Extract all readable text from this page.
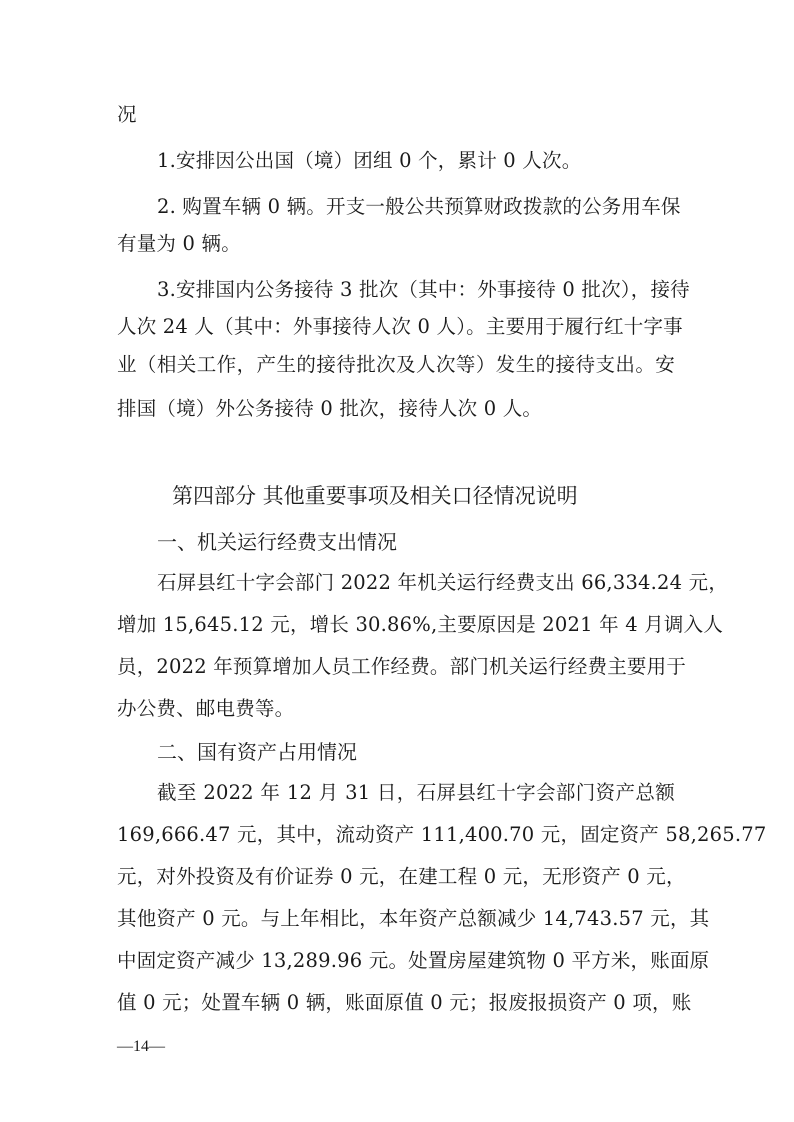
况
1.安排因公出国（境）团组 0 个，累计 0 人次。
2. 购置车辆 0 辆。开支一般公共预算财政拨款的公务用车保
有量为 0 辆。
3.安排国内公务接待 3 批次（其中：外事接待 0 批次），接待
人次 24 人（其中：外事接待人次 0 人）。主要用于履行红十字事
业（相关工作，产生的接待批次及人次等）发生的接待支出。安
排国（境）外公务接待 0 批次，接待人次 0 人。
第四部分 其他重要事项及相关口径情况说明
一、机关运行经费支出情况
石屏县红十字会部门 2022 年机关运行经费支出 66,334.24 元，
增加 15,645.12 元，增长 30.86%,主要原因是 2021 年 4 月调入人
员，2022 年预算增加人员工作经费。部门机关运行经费主要用于
办公费、邮电费等。
二、国有资产占用情况
截至 2022 年 12 月 31 日，石屏县红十字会部门资产总额
169,666.47 元，其中，流动资产 111,400.70 元，固定资产 58,265.77
元，对外投资及有价证券 0 元，在建工程 0 元，无形资产 0 元，
其他资产 0 元。与上年相比，本年资产总额减少 14,743.57 元，其
中固定资产减少 13,289.96 元。处置房屋建筑物 0 平方米，账面原
值 0 元；处置车辆 0 辆，账面原值 0 元；报废报损资产 0 项，账
—14—
